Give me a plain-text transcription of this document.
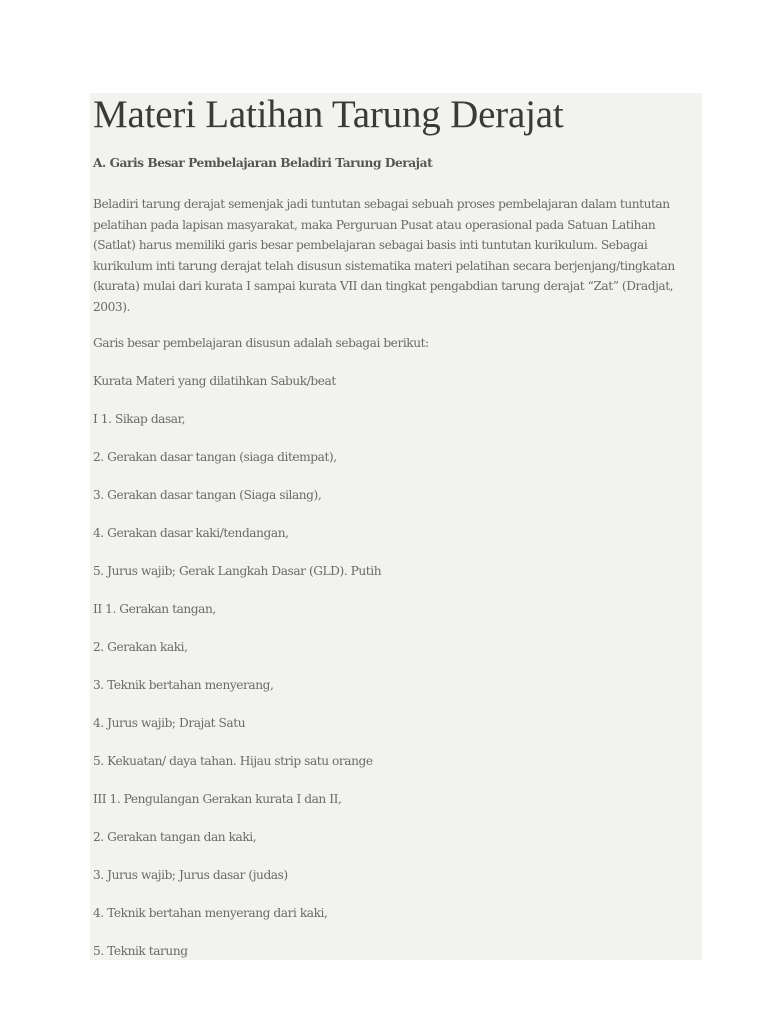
Materi Latihan Tarung Derajat
A. Garis Besar Pembelajaran Beladiri Tarung Derajat

Beladiri tarung derajat semenjak jadi tuntutan sebagai sebuah proses pembelajaran dalam tuntutan pelatihan pada lapisan masyarakat, maka Perguruan Pusat atau operasional pada Satuan Latihan (Satlat) harus memiliki garis besar pembelajaran sebagai basis inti tuntutan kurikulum. Sebagai kurikulum inti tarung derajat telah disusun sistematika materi pelatihan secara berjenjang/tingkatan (kurata) mulai dari kurata I sampai kurata VII dan tingkat pengabdian tarung derajat “Zat” (Dradjat, 2003).

Garis besar pembelajaran disusun adalah sebagai berikut:

Kurata Materi yang dilatihkan Sabuk/beat

I 1. Sikap dasar,

2. Gerakan dasar tangan (siaga ditempat),

3. Gerakan dasar tangan (Siaga silang),

4. Gerakan dasar kaki/tendangan,

5. Jurus wajib; Gerak Langkah Dasar (GLD). Putih

II 1. Gerakan tangan,

2. Gerakan kaki,

3. Teknik bertahan menyerang,

4. Jurus wajib; Drajat Satu

5. Kekuatan/ daya tahan. Hijau strip satu orange

III 1. Pengulangan Gerakan kurata I dan II,

2. Gerakan tangan dan kaki,

3. Jurus wajib; Jurus dasar (judas)

4. Teknik bertahan menyerang dari kaki,

5. Teknik tarung
